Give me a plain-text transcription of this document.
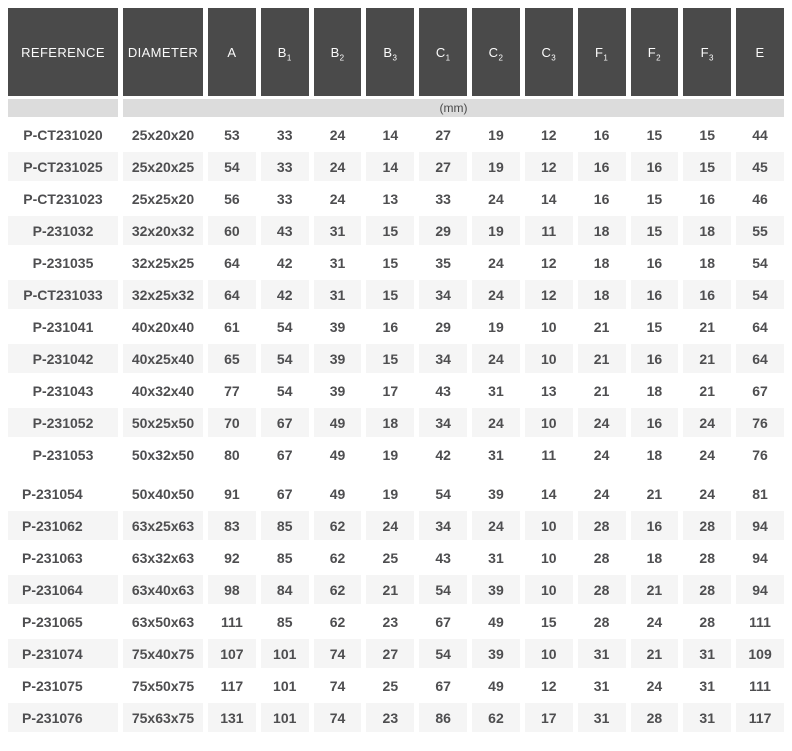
REFERENCE	DIAMETER	A	$B_1$	$B_2$	$B_3$	$C_1$	$C_2$	$C_3$	$F_1$	$F_2$	$F_3$	E
	(mm)											
P-CT231020	25x20x20	53	33	24	14	27	19	12	16	15	15	44
P-CT231025	25x20x25	54	33	24	14	27	19	12	16	16	15	45
P-CT231023	25x25x20	56	33	24	13	33	24	14	16	15	16	46
P-231032	32x20x32	60	43	31	15	29	19	11	18	15	18	55
P-231035	32x25x25	64	42	31	15	35	24	12	18	16	18	54
P-CT231033	32x25x32	64	42	31	15	34	24	12	18	16	16	54
P-231041	40x20x40	61	54	39	16	29	19	10	21	15	21	64
P-231042	40x25x40	65	54	39	15	34	24	10	21	16	21	64
P-231043	40x32x40	77	54	39	17	43	31	13	21	18	21	67
P-231052	50x25x50	70	67	49	18	34	24	10	24	16	24	76
P-231053	50x32x50	80	67	49	19	42	31	11	24	18	24	76

P-231054	50x40x50	91	67	49	19	54	39	14	24	21	24	81
P-231062	63x25x63	83	85	62	24	34	24	10	28	16	28	94
P-231063	63x32x63	92	85	62	25	43	31	10	28	18	28	94
P-231064	63x40x63	98	84	62	21	54	39	10	28	21	28	94
P-231065	63x50x63	111	85	62	23	67	49	15	28	24	28	111
P-231074	75x40x75	107	101	74	27	54	39	10	31	21	31	109
P-231075	75x50x75	117	101	74	25	67	49	12	31	24	31	111
P-231076	75x63x75	131	101	74	23	86	62	17	31	28	31	117
